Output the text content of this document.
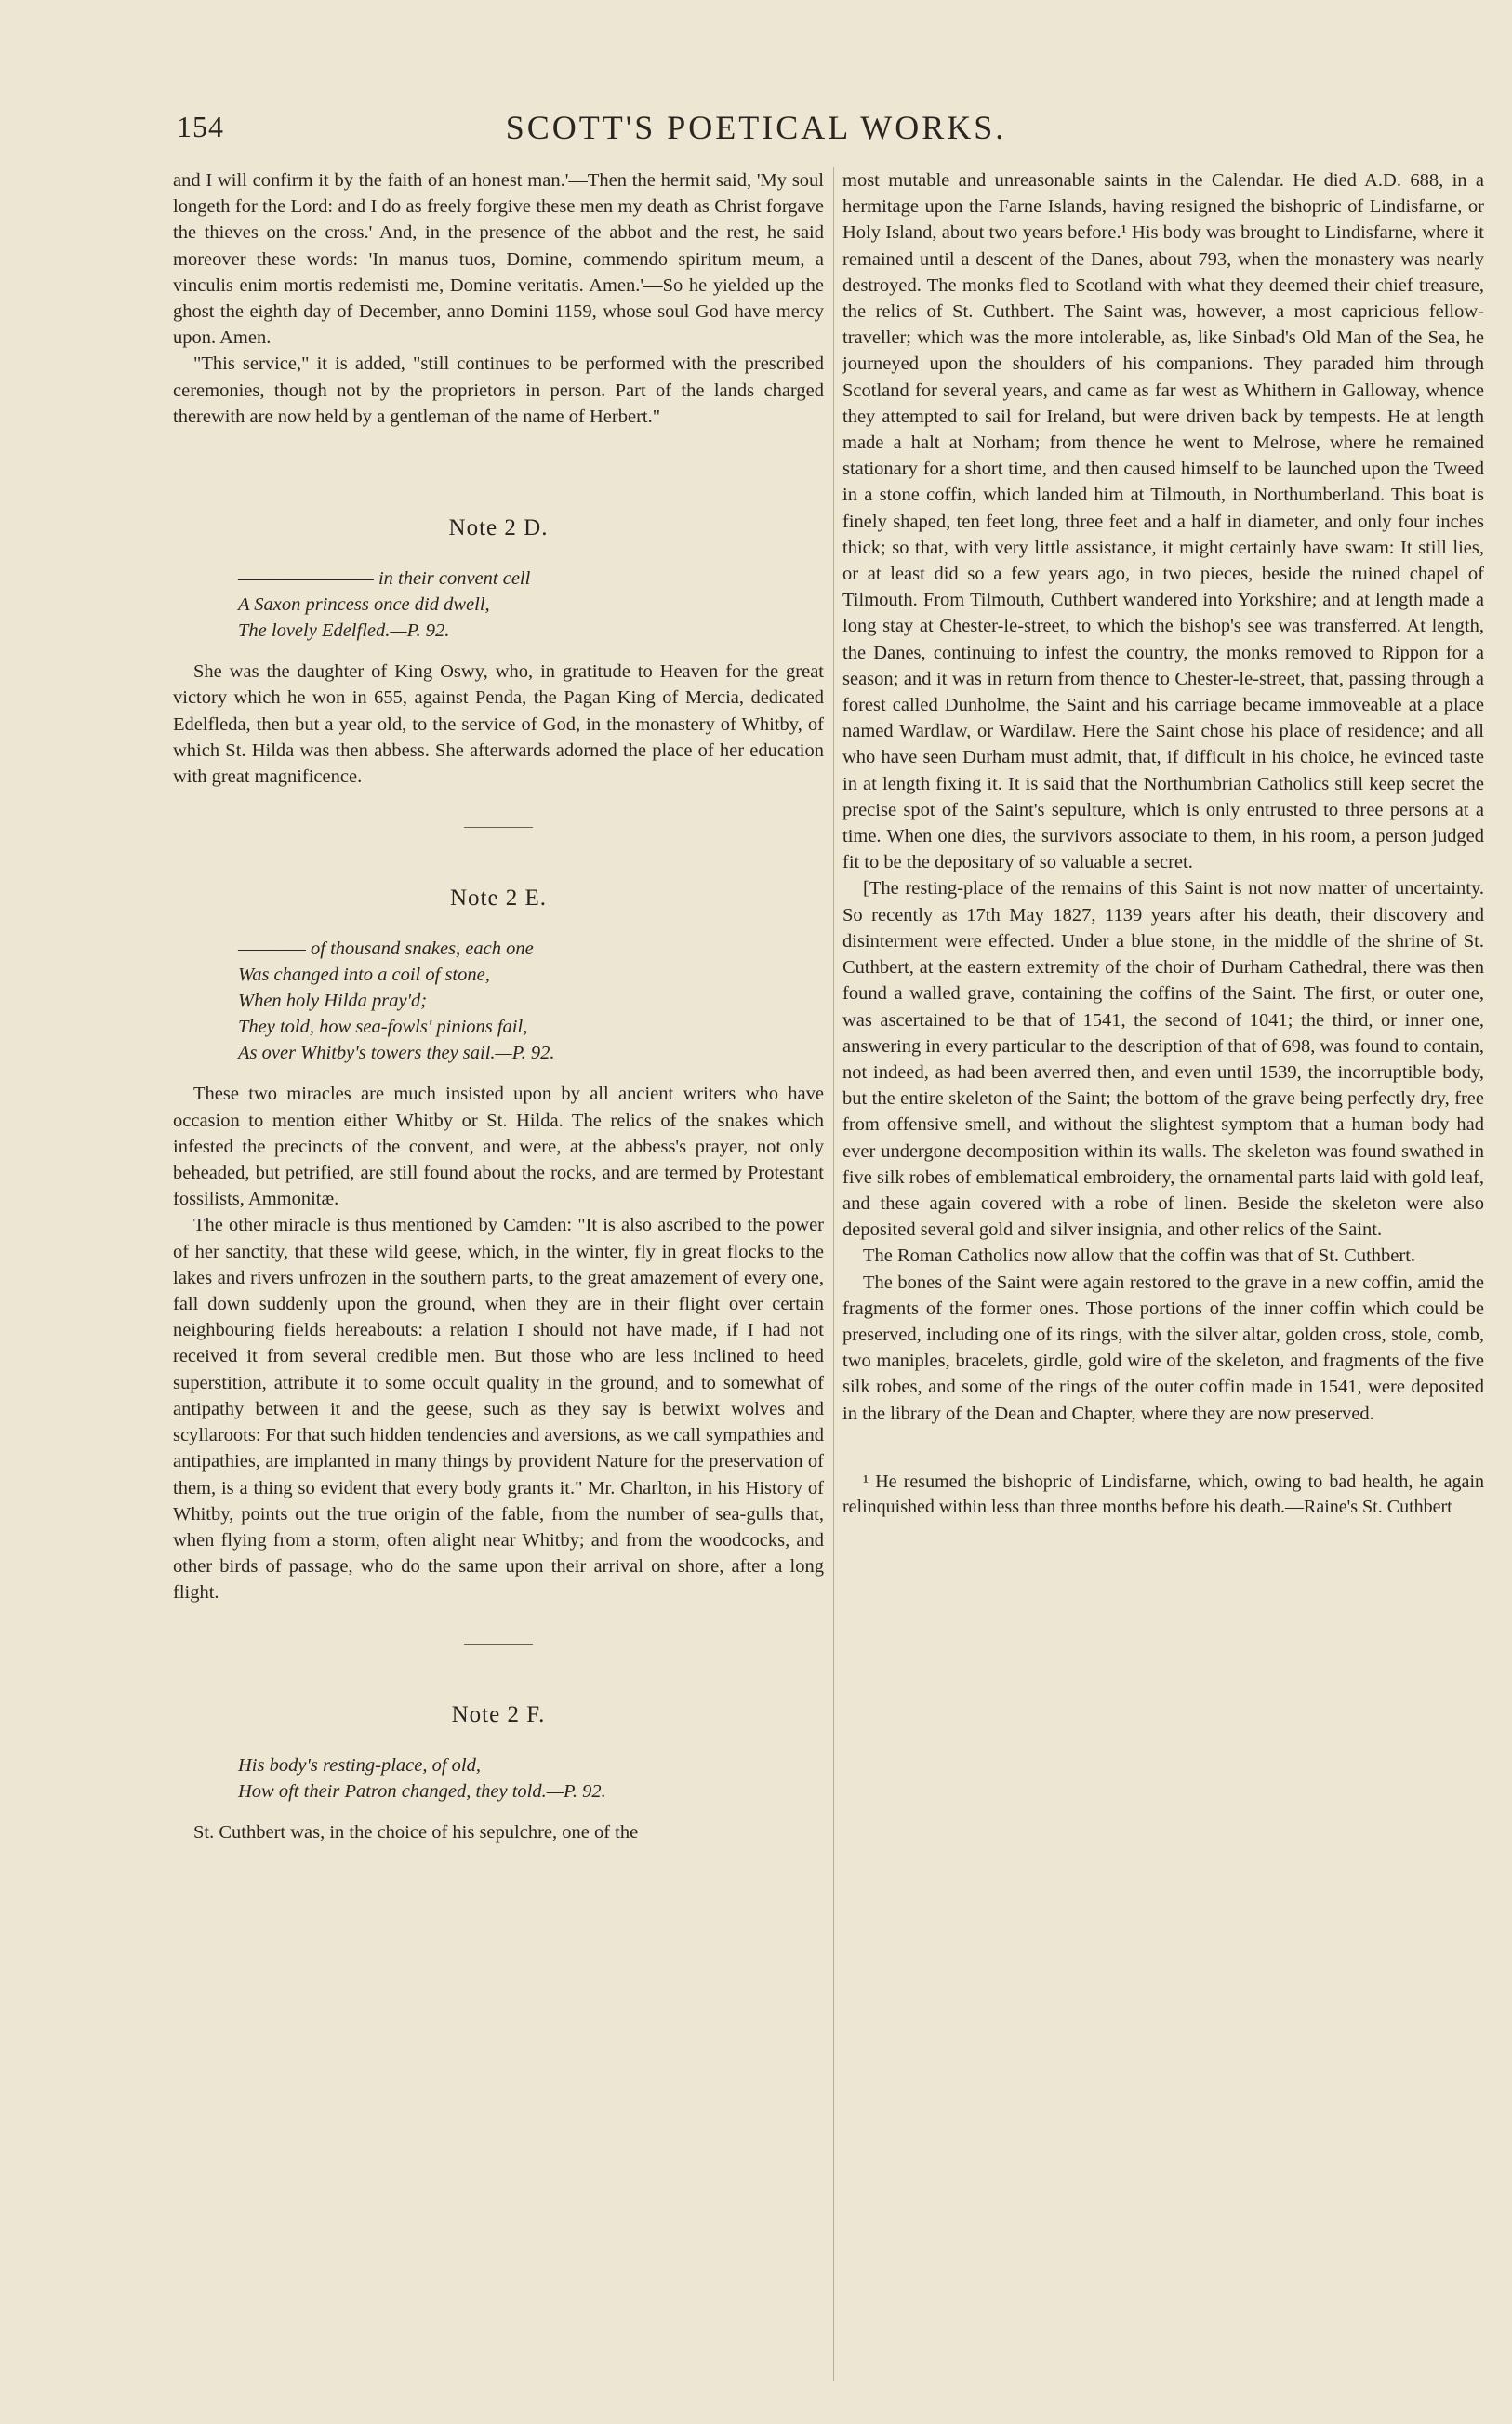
154	SCOTT'S POETICAL WORKS.

and I will confirm it by the faith of an honest man.'—Then the hermit said, 'My soul longeth for the Lord: and I do as freely forgive these men my death as Christ forgave the thieves on the cross.' And, in the presence of the abbot and the rest, he said moreover these words: 'In manus tuos, Domine, commendo spiritum meum, a vinculis enim mortis redemisti me, Domine veritatis. Amen.'—So he yielded up the ghost the eighth day of December, anno Domini 1159, whose soul God have mercy upon. Amen.

"This service," it is added, "still continues to be performed with the prescribed ceremonies, though not by the proprietors in person. Part of the lands charged therewith are now held by a gentleman of the name of Herbert."

Note 2 D.
———————— in their convent cell
A Saxon princess once did dwell,
The lovely Edelfled.—P. 92.

She was the daughter of King Oswy, who, in gratitude to Heaven for the great victory which he won in 655, against Penda, the Pagan King of Mercia, dedicated Edelfleda, then but a year old, to the service of God, in the monastery of Whitby, of which St. Hilda was then abbess. She afterwards adorned the place of her education with great magnificence.

Note 2 E.
———— of thousand snakes, each one
Was changed into a coil of stone,
When holy Hilda pray'd;
They told, how sea-fowls' pinions fail,
As over Whitby's towers they sail.—P. 92.

These two miracles are much insisted upon by all ancient writers who have occasion to mention either Whitby or St. Hilda. The relics of the snakes which infested the precincts of the convent, and were, at the abbess's prayer, not only beheaded, but petrified, are still found about the rocks, and are termed by Protestant fossilists, Ammonitæ.

The other miracle is thus mentioned by Camden: "It is also ascribed to the power of her sanctity, that these wild geese, which, in the winter, fly in great flocks to the lakes and rivers unfrozen in the southern parts, to the great amazement of every one, fall down suddenly upon the ground, when they are in their flight over certain neighbouring fields hereabouts: a relation I should not have made, if I had not received it from several credible men. But those who are less inclined to heed superstition, attribute it to some occult quality in the ground, and to somewhat of antipathy between it and the geese, such as they say is betwixt wolves and scyllaroots: For that such hidden tendencies and aversions, as we call sympathies and antipathies, are implanted in many things by provident Nature for the preservation of them, is a thing so evident that every body grants it." Mr. Charlton, in his History of Whitby, points out the true origin of the fable, from the number of sea-gulls that, when flying from a storm, often alight near Whitby; and from the woodcocks, and other birds of passage, who do the same upon their arrival on shore, after a long flight.

Note 2 F.
His body's resting-place, of old,
How oft their Patron changed, they told.—P. 92.

St. Cuthbert was, in the choice of his sepulchre, one of the

most mutable and unreasonable saints in the Calendar. He died A.D. 688, in a hermitage upon the Farne Islands, having resigned the bishopric of Lindisfarne, or Holy Island, about two years before.¹ His body was brought to Lindisfarne, where it remained until a descent of the Danes, about 793, when the monastery was nearly destroyed. The monks fled to Scotland with what they deemed their chief treasure, the relics of St. Cuthbert. The Saint was, however, a most capricious fellow-traveller; which was the more intolerable, as, like Sinbad's Old Man of the Sea, he journeyed upon the shoulders of his companions. They paraded him through Scotland for several years, and came as far west as Whithern in Galloway, whence they attempted to sail for Ireland, but were driven back by tempests. He at length made a halt at Norham; from thence he went to Melrose, where he remained stationary for a short time, and then caused himself to be launched upon the Tweed in a stone coffin, which landed him at Tilmouth, in Northumberland. This boat is finely shaped, ten feet long, three feet and a half in diameter, and only four inches thick; so that, with very little assistance, it might certainly have swam: It still lies, or at least did so a few years ago, in two pieces, beside the ruined chapel of Tilmouth. From Tilmouth, Cuthbert wandered into Yorkshire; and at length made a long stay at Chester-le-street, to which the bishop's see was transferred. At length, the Danes, continuing to infest the country, the monks removed to Rippon for a season; and it was in return from thence to Chester-le-street, that, passing through a forest called Dunholme, the Saint and his carriage became immoveable at a place named Wardlaw, or Wardilaw. Here the Saint chose his place of residence; and all who have seen Durham must admit, that, if difficult in his choice, he evinced taste in at length fixing it. It is said that the Northumbrian Catholics still keep secret the precise spot of the Saint's sepulture, which is only entrusted to three persons at a time. When one dies, the survivors associate to them, in his room, a person judged fit to be the depositary of so valuable a secret.

[The resting-place of the remains of this Saint is not now matter of uncertainty. So recently as 17th May 1827, 1139 years after his death, their discovery and disinterment were effected. Under a blue stone, in the middle of the shrine of St. Cuthbert, at the eastern extremity of the choir of Durham Cathedral, there was then found a walled grave, containing the coffins of the Saint. The first, or outer one, was ascertained to be that of 1541, the second of 1041; the third, or inner one, answering in every particular to the description of that of 698, was found to contain, not indeed, as had been averred then, and even until 1539, the incorruptible body, but the entire skeleton of the Saint; the bottom of the grave being perfectly dry, free from offensive smell, and without the slightest symptom that a human body had ever undergone decomposition within its walls. The skeleton was found swathed in five silk robes of emblematical embroidery, the ornamental parts laid with gold leaf, and these again covered with a robe of linen. Beside the skeleton were also deposited several gold and silver insignia, and other relics of the Saint.

The Roman Catholics now allow that the coffin was that of St. Cuthbert.

The bones of the Saint were again restored to the grave in a new coffin, amid the fragments of the former ones. Those portions of the inner coffin which could be preserved, including one of its rings, with the silver altar, golden cross, stole, comb, two maniples, bracelets, girdle, gold wire of the skeleton, and fragments of the five silk robes, and some of the rings of the outer coffin made in 1541, were deposited in the library of the Dean and Chapter, where they are now preserved.

¹ He resumed the bishopric of Lindisfarne, which, owing to bad health, he again relinquished within less than three months before his death.—Raine's St. Cuthbert
